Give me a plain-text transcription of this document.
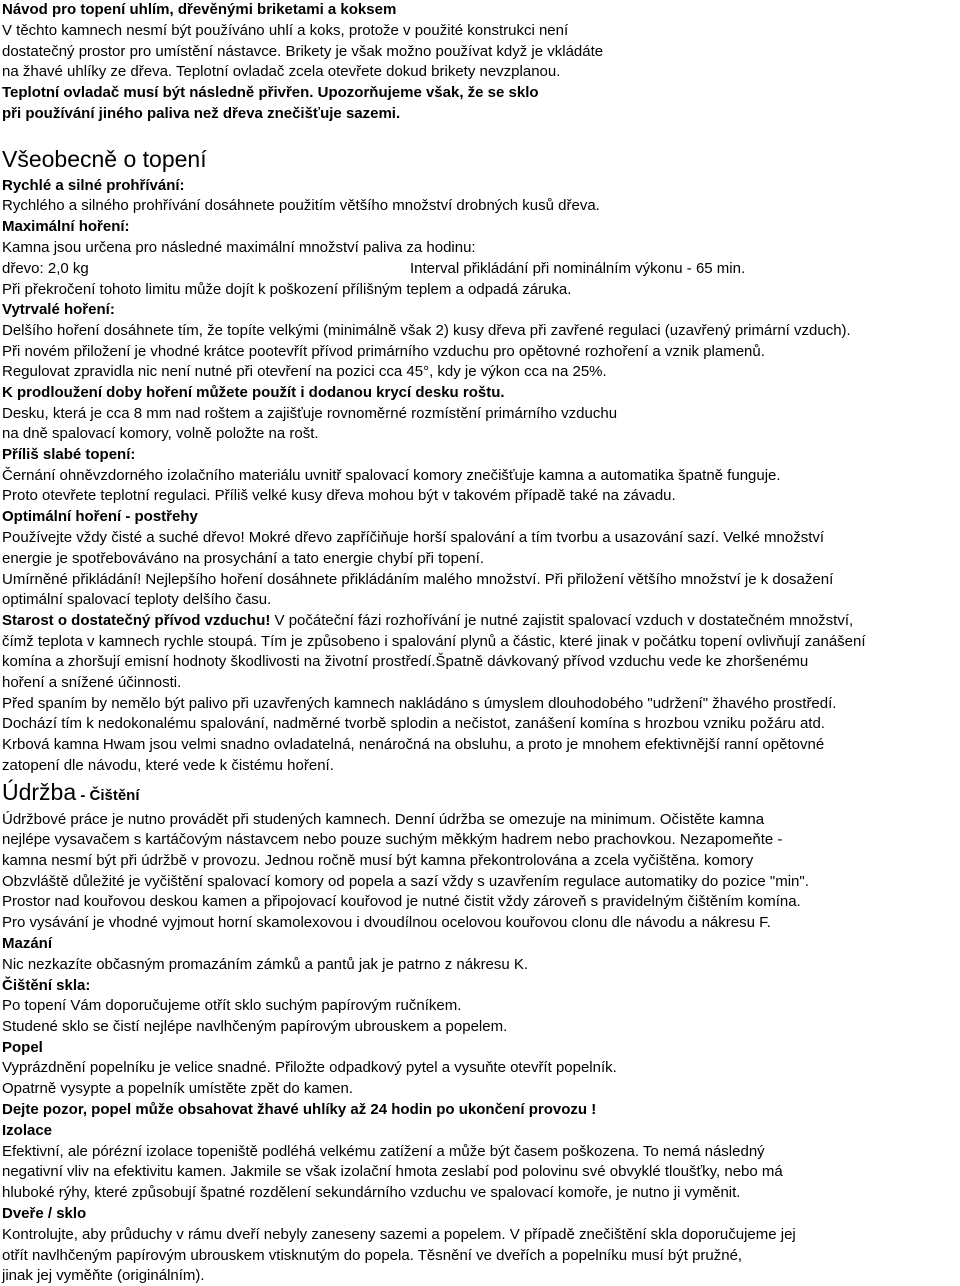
Návod pro topení uhlím, dřevěnými briketami a koksem
V těchto kamnech nesmí být používáno uhlí a koks, protože v použité konstrukci není
dostatečný prostor pro umístění nástavce. Brikety je však možno používat když je vkládáte
na žhavé uhlíky ze dřeva. Teplotní ovladač zcela otevřete dokud brikety nevzplanou.
Teplotní ovladač musí být následně přivřen. Upozorňujeme však, že se sklo
při používání jiného paliva než dřeva znečišťuje sazemi.
Všeobecně o topení
Rychlé a silné prohřívání:
Rychlého a silného prohřívání dosáhnete použitím většího množství drobných kusů dřeva.
Maximální hoření:
Kamna jsou určena pro následné maximální množství paliva za hodinu:
dřevo: 2,0 kg	Interval přikládání při nominálním výkonu - 65 min.
Při překročení tohoto limitu může dojít k poškození přílišným teplem a odpadá záruka.
Vytrvalé hoření:
Delšího hoření dosáhnete tím, že topíte velkými (minimálně však 2) kusy dřeva při zavřené regulaci (uzavřený primární vzduch).
Při novém přiložení je vhodné krátce pootevřít přívod primárního vzduchu pro opětovné rozhoření a vznik plamenů.
Regulovat zpravidla nic není nutné při otevření na pozici cca 45°, kdy je výkon cca na 25%.
K prodloužení doby hoření můžete použít i dodanou krycí desku roštu.
Desku, která je cca 8 mm nad roštem a zajišťuje rovnoměrné rozmístění primárního vzduchu
na dně spalovací komory, volně položte na rošt.
Příliš slabé topení:
Černání ohněvzdorného izolačního materiálu uvnitř spalovací komory znečišťuje kamna a automatika špatně funguje.
Proto otevřete teplotní regulaci. Příliš velké kusy dřeva mohou být v takovém případě také na závadu.
Optimální hoření - postřehy
Používejte vždy čisté a suché dřevo! Mokré dřevo zapříčiňuje horší spalování a tím tvorbu a usazování sazí. Velké množství
energie je spotřebováváno na prosychání a tato energie chybí při topení.
Umírněné přikládání! Nejlepšího hoření dosáhnete přikládáním malého množství. Při přiložení většího množství je k dosažení
optimální spalovací teploty delšího času.
Starost o dostatečný přívod vzduchu! V počáteční fázi rozhořívání je nutné zajistit spalovací vzduch v dostatečném množství,
čímž teplota v kamnech rychle stoupá. Tím je způsobeno i spalování plynů a částic, které jinak v počátku topení ovlivňují zanášení
komína a zhoršují emisní hodnoty škodlivosti na životní prostředí.Špatně dávkovaný přívod vzduchu vede ke zhoršenému
hoření a snížené účinnosti.
Před spaním by nemělo být palivo při uzavřených kamnech nakládáno s úmyslem dlouhodobého "udržení" žhavého prostředí.
Dochází tím k nedokonalému spalování, nadměrné tvorbě splodin a nečistot, zanášení komína s hrozbou vzniku požáru atd.
Krbová kamna Hwam jsou velmi snadno ovladatelná, nenáročná na obsluhu, a proto je mnohem efektivnější ranní opětovné
zatopení dle návodu, které vede k čistému hoření.
Údržba - Čištění
Údržbové práce je nutno provádět při studených kamnech. Denní údržba se omezuje na minimum. Očistěte kamna
nejlépe vysavačem s kartáčovým nástavcem nebo pouze suchým měkkým hadrem nebo prachovkou. Nezapomeňte -
kamna nesmí být při údržbě v provozu. Jednou ročně musí být kamna překontrolována a zcela vyčištěna. komory
Obzvláště důležité je vyčištění spalovací komory od popela a sazí vždy s uzavřením regulace automatiky do pozice "min".
Prostor nad kouřovou deskou kamen a připojovací kouřovod je nutné čistit vždy zároveň s pravidelným čištěním komína.
Pro vysávání je vhodné vyjmout horní skamolexovou i dvoudílnou ocelovou kouřovou clonu dle návodu a nákresu F.
Mazání
Nic nezkazíte občasným promazáním zámků a pantů jak je patrno z nákresu K.
Čištění skla:
Po topení Vám doporučujeme otřít sklo suchým papírovým ručníkem.
Studené sklo se čistí nejlépe navlhčeným papírovým ubrouskem a popelem.
Popel
Vyprázdnění popelníku je velice snadné. Přiložte odpadkový pytel a vysuňte otevřít popelník.
Opatrně vysypte a popelník umístěte zpět do kamen.
Dejte pozor, popel může obsahovat žhavé uhlíky až 24 hodin po ukončení provozu !
Izolace
Efektivní, ale pórézní izolace topeniště podléhá velkému zatížení a může být časem poškozena. To nemá následný
negativní vliv na efektivitu kamen. Jakmile se však izolační hmota zeslabí pod polovinu své obvyklé tloušťky, nebo má
hluboké rýhy, které způsobují špatné rozdělení sekundárního vzduchu ve spalovací komoře, je nutno ji vyměnit.
Dveře / sklo
Kontrolujte, aby průduchy v rámu dveří nebyly zaneseny sazemi a popelem. V případě znečištění skla doporučujeme jej
otřít navlhčeným papírovým ubrouskem vtisknutým do popela. Těsnění ve dveřích a popelníku musí být pružné,
jinak jej vyměňte (originálním).
